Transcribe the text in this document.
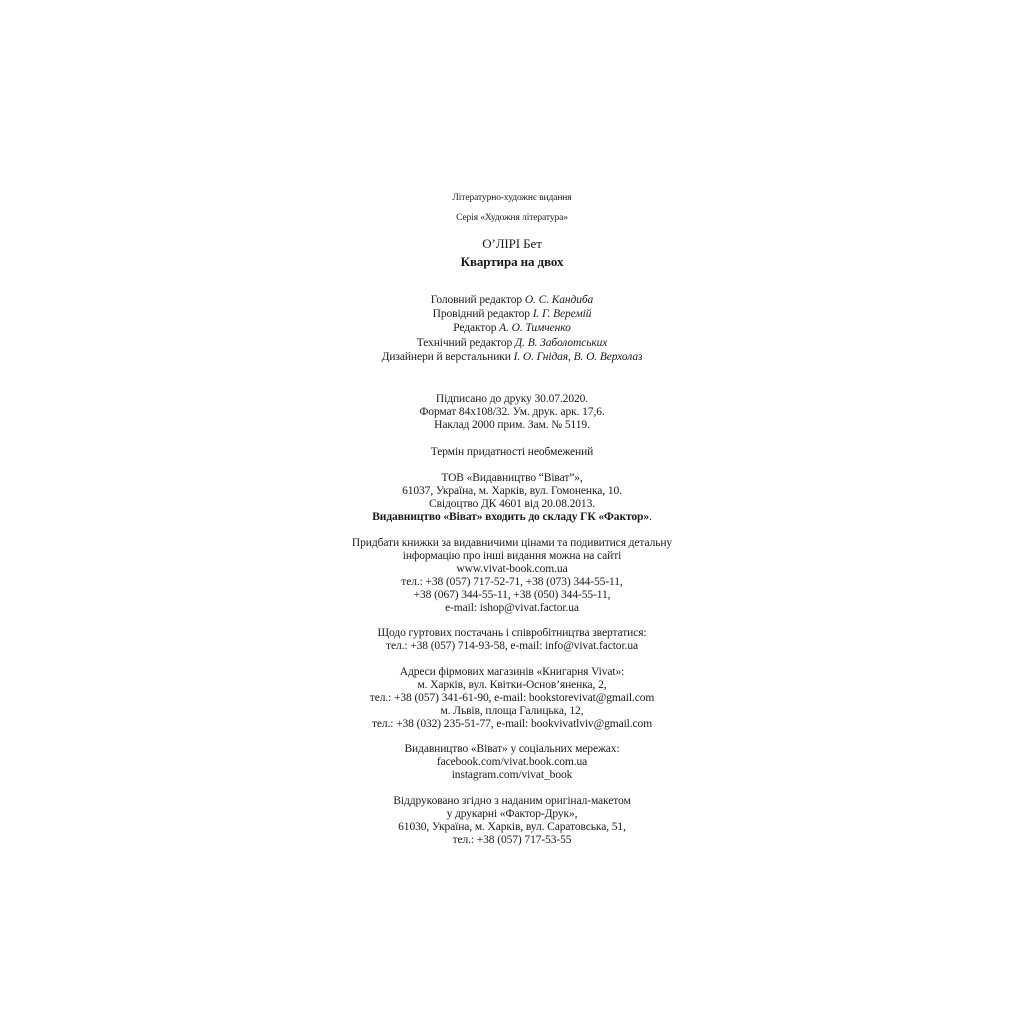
Літературно-художнє видання
Серія «Художня література»
О’ЛІРІ Бет
Квартира на двох
Головний редактор О. С. Кандиба
Провідний редактор І. Г. Веремій
Редактор А. О. Тимченко
Технічний редактор Д. В. Заболотських
Дизайнери й верстальники І. О. Гнідая, В. О. Верхолаз
Підписано до друку 30.07.2020.
Формат 84х108/32. Ум. друк. арк. 17,6.
Наклад 2000 прим. Зам. № 5119.
Термін придатності необмежений
ТОВ «Видавництво “Віват”»,
61037, Україна, м. Харків, вул. Гомоненка, 10.
Свідоцтво ДК 4601 від 20.08.2013.
Видавництво «Віват» входить до складу ГК «Фактор».
Придбати книжки за видавничими цінами та подивитися детальну
інформацію про інші видання можна на сайті
www.vivat-book.com.ua
тел.: +38 (057) 717-52-71, +38 (073) 344-55-11,
+38 (067) 344-55-11, +38 (050) 344-55-11,
e-mail: ishop@vivat.factor.ua
Щодо гуртових постачань і співробітництва звертатися:
тел.: +38 (057) 714-93-58, e-mail: info@vivat.factor.ua
Адреси фірмових магазинів «Книгарня Vivat»:
м. Харків, вул. Квітки-Основ’яненка, 2,
тел.: +38 (057) 341-61-90, e-mail: bookstorevivat@gmail.com
м. Львів, площа Галицька, 12,
тел.: +38 (032) 235-51-77, e-mail: bookvivatlviv@gmail.com
Видавництво «Віват» у соціальних мережах:
facebook.com/vivat.book.com.ua
instagram.com/vivat_book
Віддруковано згідно з наданим оригінал-макетом
у друкарні «Фактор-Друк»,
61030, Україна, м. Харків, вул. Саратовська, 51,
тел.: +38 (057) 717-53-55
